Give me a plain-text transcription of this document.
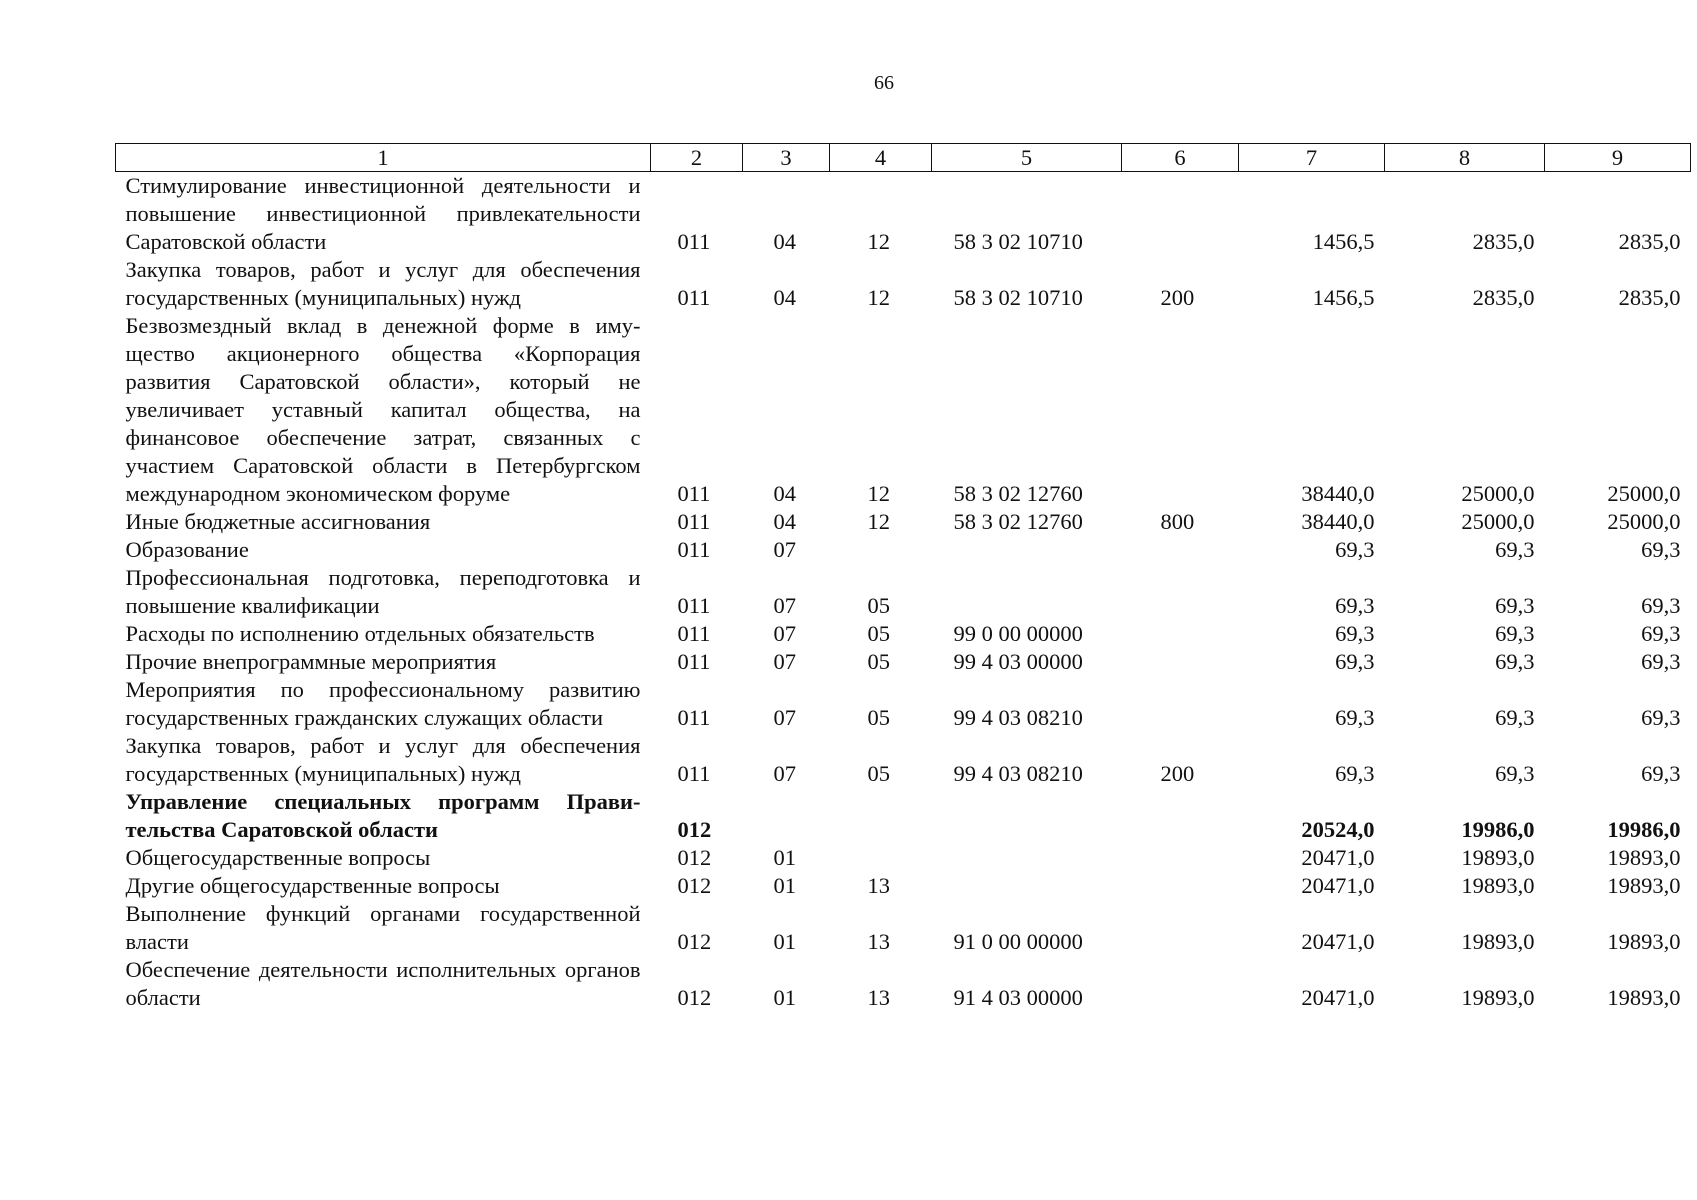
66
1	2	3	4	5	6	7	8	9
Стимулирование инвестиционной деятельности и повышение инвестиционной привлекательности Саратовской области	011	04	12	58 3 02 10710		1456,5	2835,0	2835,0
Закупка товаров, работ и услуг для обеспечения государственных (муниципальных) нужд	011	04	12	58 3 02 10710	200	1456,5	2835,0	2835,0
Безвозмездный вклад в денежной форме в имущество акционерного общества «Корпорация развития Саратовской области», который не увеличивает уставный капитал общества, на финансовое обеспечение затрат, связанных с участием Саратовской области в Петербургском международном экономическом форуме	011	04	12	58 3 02 12760		38440,0	25000,0	25000,0
Иные бюджетные ассигнования	011	04	12	58 3 02 12760	800	38440,0	25000,0	25000,0
Образование	011	07				69,3	69,3	69,3
Профессиональная подготовка, переподготовка и повышение квалификации	011	07	05			69,3	69,3	69,3
Расходы по исполнению отдельных обязательств	011	07	05	99 0 00 00000		69,3	69,3	69,3
Прочие внепрограммные мероприятия	011	07	05	99 4 03 00000		69,3	69,3	69,3
Мероприятия по профессиональному развитию государственных гражданских служащих области	011	07	05	99 4 03 08210		69,3	69,3	69,3
Закупка товаров, работ и услуг для обеспечения государственных (муниципальных) нужд	011	07	05	99 4 03 08210	200	69,3	69,3	69,3
Управление специальных программ Правительства Саратовской области	012					20524,0	19986,0	19986,0
Общегосударственные вопросы	012	01				20471,0	19893,0	19893,0
Другие общегосударственные вопросы	012	01	13			20471,0	19893,0	19893,0
Выполнение функций органами государственной власти	012	01	13	91 0 00 00000		20471,0	19893,0	19893,0
Обеспечение деятельности исполнительных органов области	012	01	13	91 4 03 00000		20471,0	19893,0	19893,0
